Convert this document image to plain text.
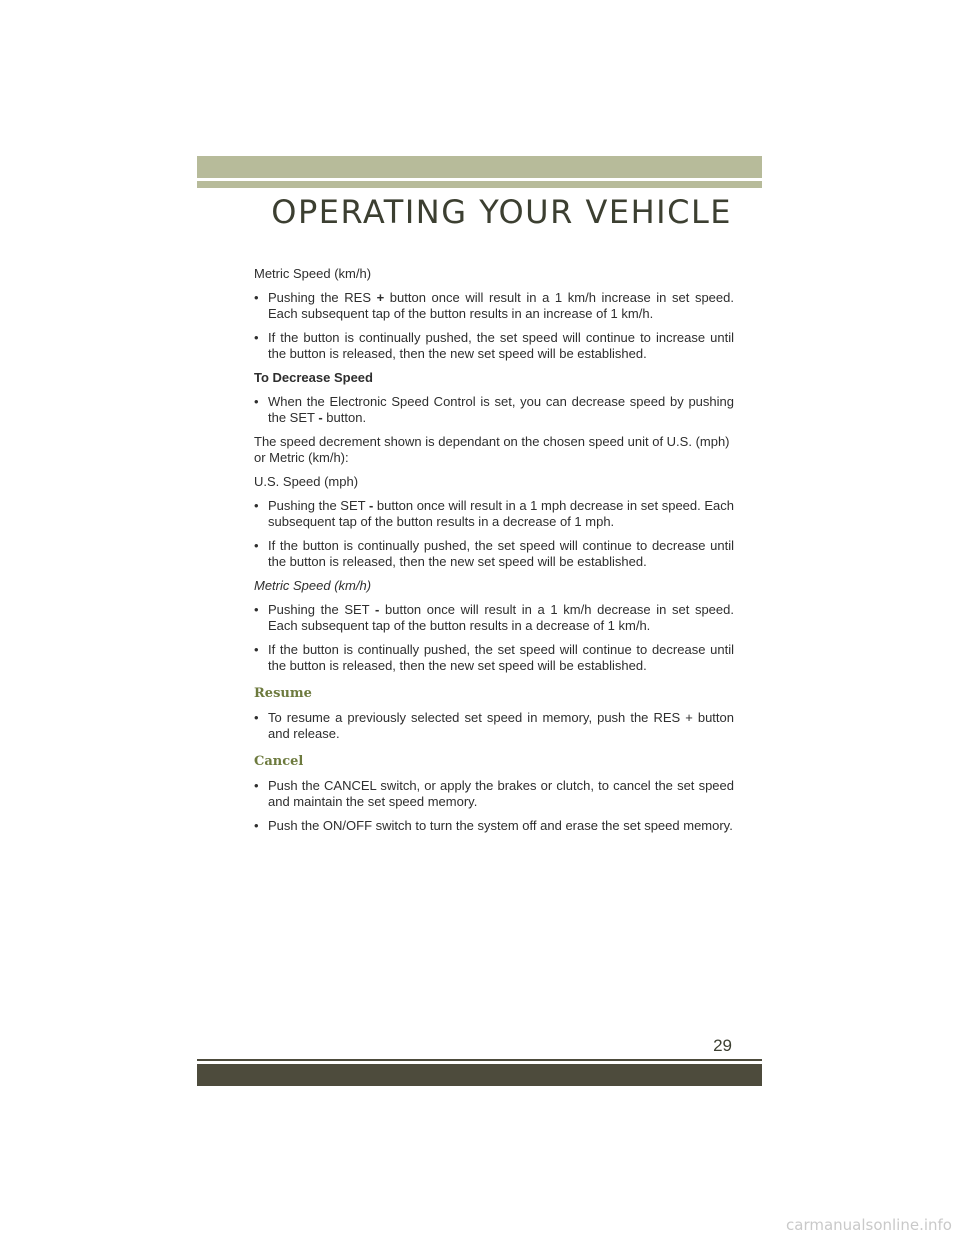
OPERATING YOUR VEHICLE

Metric Speed (km/h)

• Pushing the RES + button once will result in a 1 km/h increase in set speed. Each subsequent tap of the button results in an increase of 1 km/h.
• If the button is continually pushed, the set speed will continue to increase until the button is released, then the new set speed will be established.

To Decrease Speed

• When the Electronic Speed Control is set, you can decrease speed by pushing the SET - button.

The speed decrement shown is dependant on the chosen speed unit of U.S. (mph) or Metric (km/h):

U.S. Speed (mph)

• Pushing the SET - button once will result in a 1 mph decrease in set speed. Each subsequent tap of the button results in a decrease of 1 mph.
• If the button is continually pushed, the set speed will continue to decrease until the button is released, then the new set speed will be established.

Metric Speed (km/h)

• Pushing the SET - button once will result in a 1 km/h decrease in set speed. Each subsequent tap of the button results in a decrease of 1 km/h.
• If the button is continually pushed, the set speed will continue to decrease until the button is released, then the new set speed will be established.

Resume

• To resume a previously selected set speed in memory, push the RES + button and release.

Cancel

• Push the CANCEL switch, or apply the brakes or clutch, to cancel the set speed and maintain the set speed memory.
• Push the ON/OFF switch to turn the system off and erase the set speed memory.
29
carmanualsonline.info
